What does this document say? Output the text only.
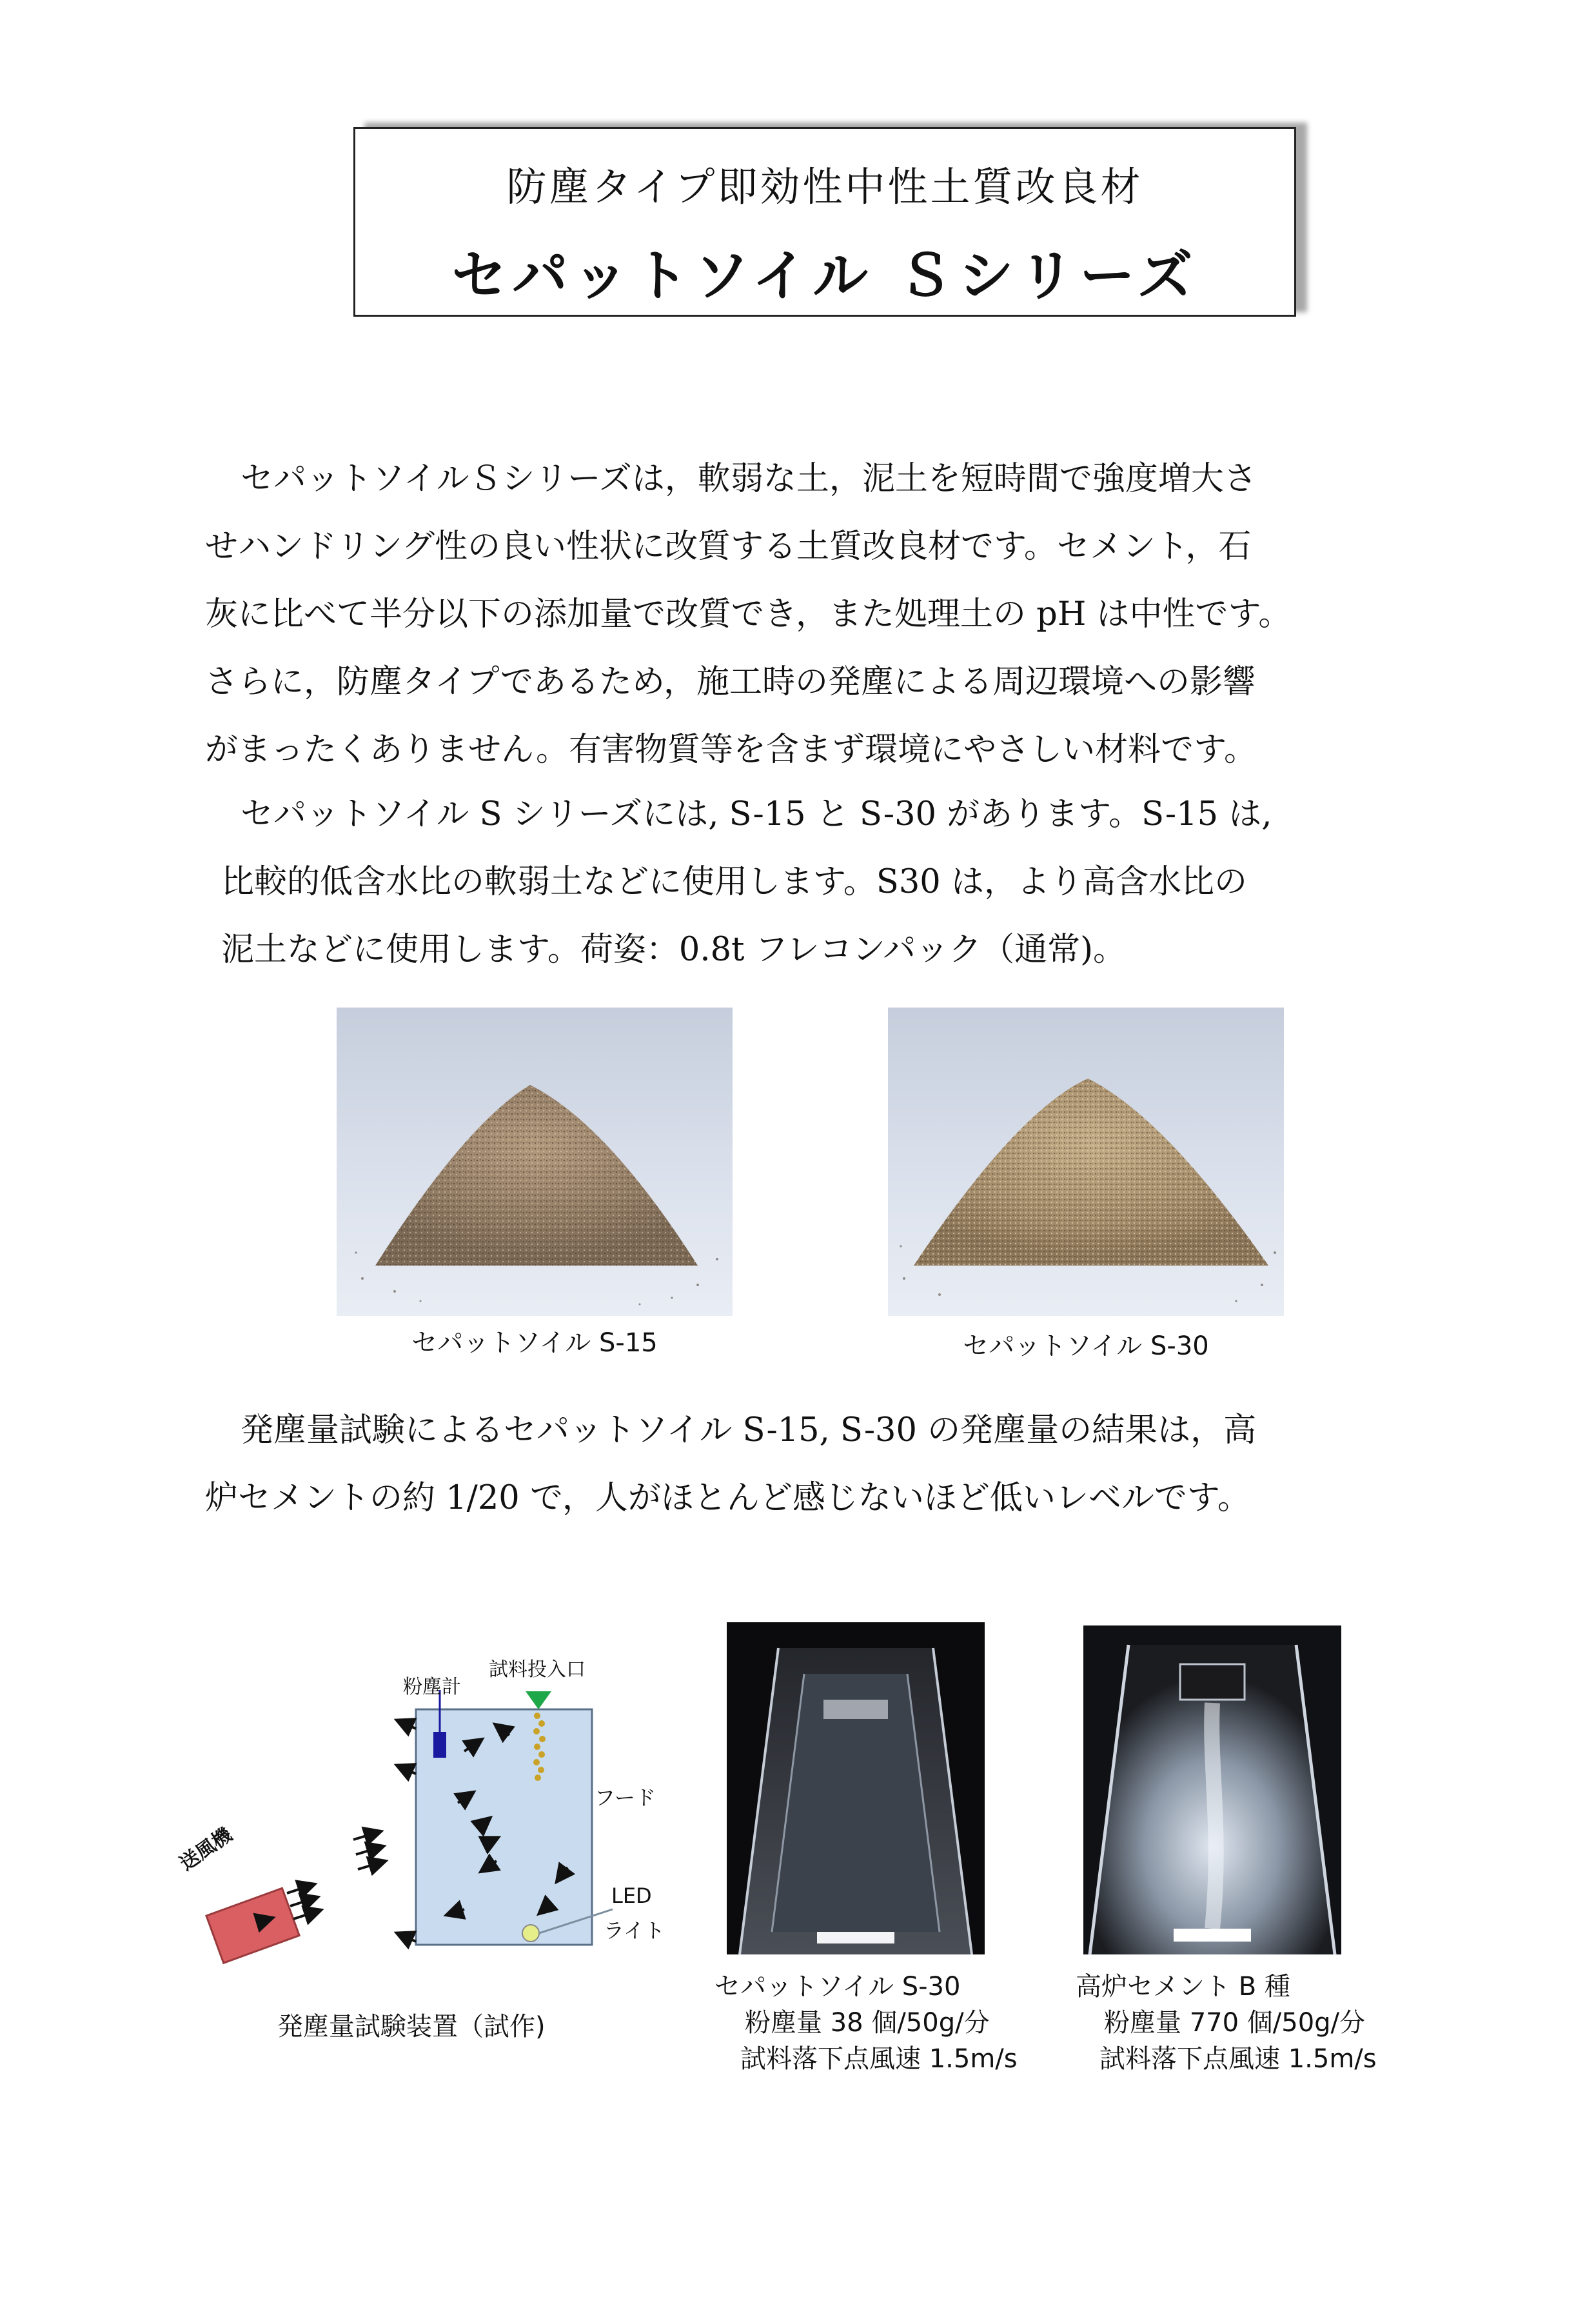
防塵タイプ即効性中性土質改良材
セパットソイル Ｓシリーズ
セパットソイルＳシリーズは，軟弱な土，泥土を短時間で強度増大さ
せハンドリング性の良い性状に改質する土質改良材です。セメント，石
灰に比べて半分以下の添加量で改質でき，また処理土の pH は中性です。
さらに，防塵タイプであるため，施工時の発塵による周辺環境への影響
がまったくありません。有害物質等を含まず環境にやさしい材料です。
セパットソイル S シリーズには, S-15 と S-30 があります。S-15 は,
比較的低含水比の軟弱土などに使用します。S30 は，より高含水比の
泥土などに使用します。荷姿：0.8t フレコンパック（通常)。
セパットソイル S-15	セパットソイル S-30
発塵量試験によるセパットソイル S-15, S-30 の発塵量の結果は，高
炉セメントの約 1/20 で，人がほとんど感じないほど低いレベルです。
粉塵計
試料投入口
フード
LED
ライト
送風機
発塵量試験装置（試作)
セパットソイル S-30
粉塵量 38 個/50g/分
試料落下点風速 1.5m/s
高炉セメント B 種
粉塵量 770 個/50g/分
試料落下点風速 1.5m/s
